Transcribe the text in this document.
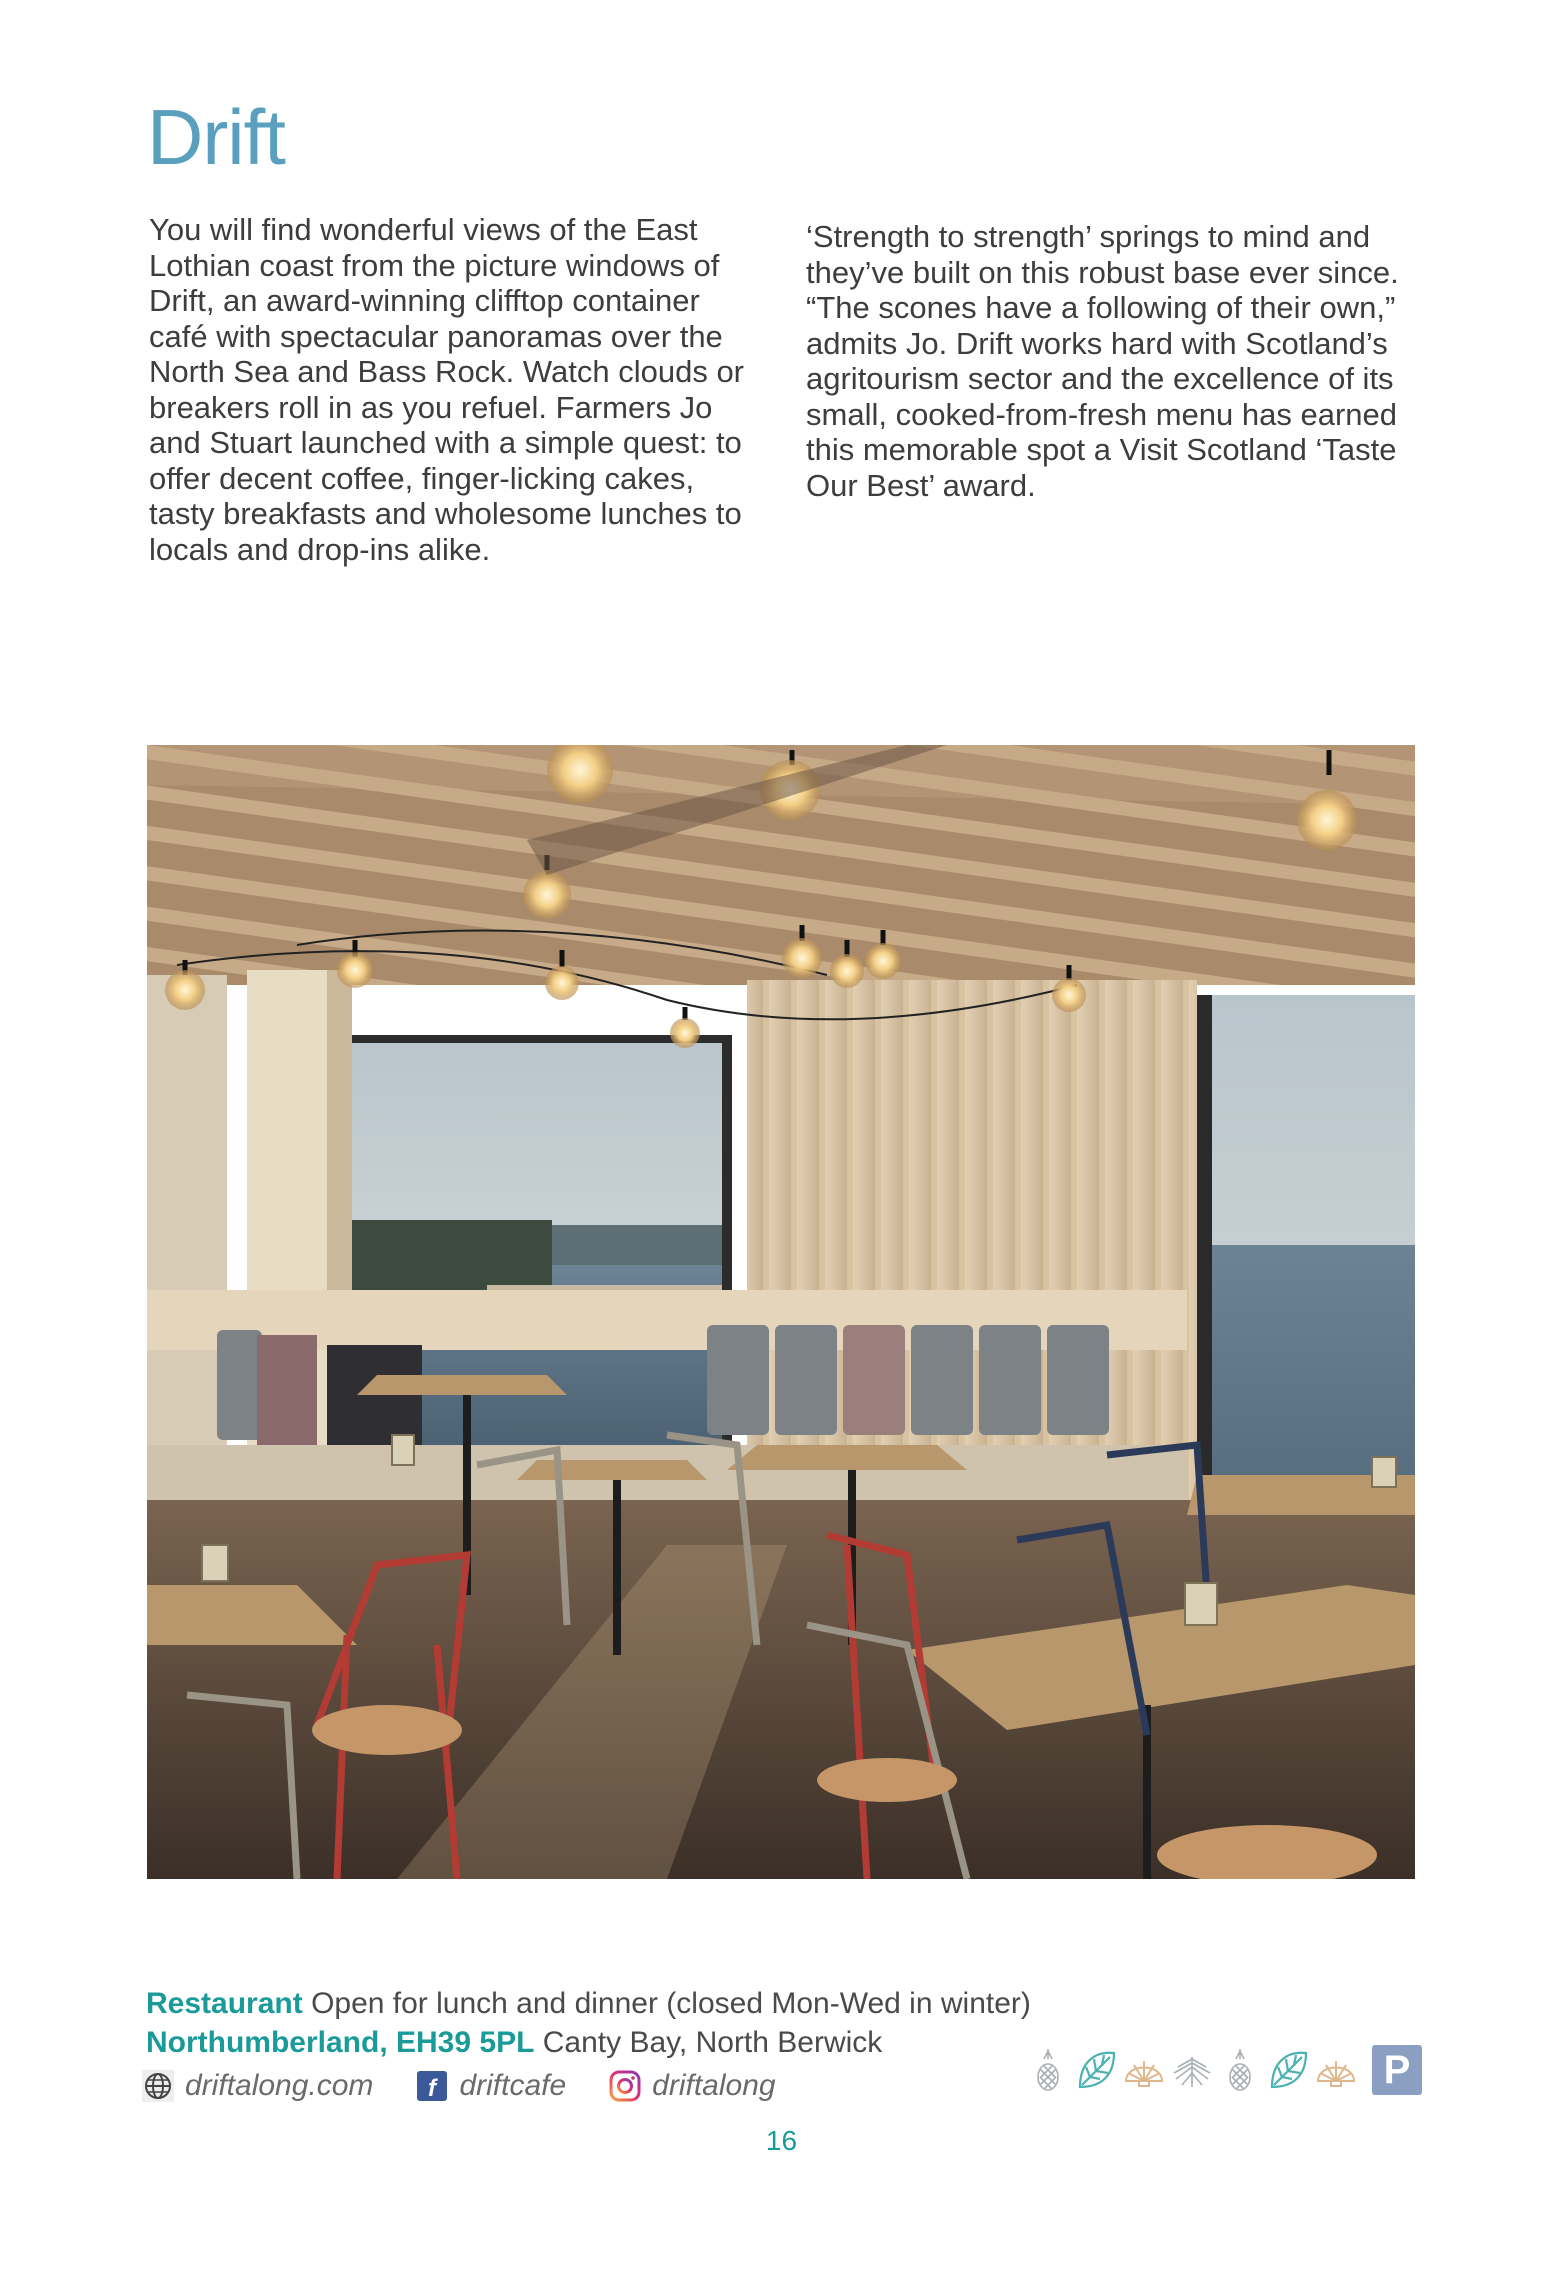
Drift

You will find wonderful views of the East Lothian coast from the picture windows of Drift, an award-winning clifftop container café with spectacular panoramas over the North Sea and Bass Rock. Watch clouds or breakers roll in as you refuel. Farmers Jo and Stuart launched with a simple quest: to offer decent coffee, finger-licking cakes, tasty breakfasts and wholesome lunches to locals and drop-ins alike.

‘Strength to strength’ springs to mind and they’ve built on this robust base ever since. “The scones have a following of their own,” admits Jo. Drift works hard with Scotland’s agritourism sector and the excellence of its small, cooked-from-fresh menu has earned this memorable spot a Visit Scotland ‘Taste Our Best’ award.

Restaurant Open for lunch and dinner (closed Mon-Wed in winter)
Northumberland, EH39 5PL Canty Bay, North Berwick
driftalong.com f driftcafe	driftalong	P
16
